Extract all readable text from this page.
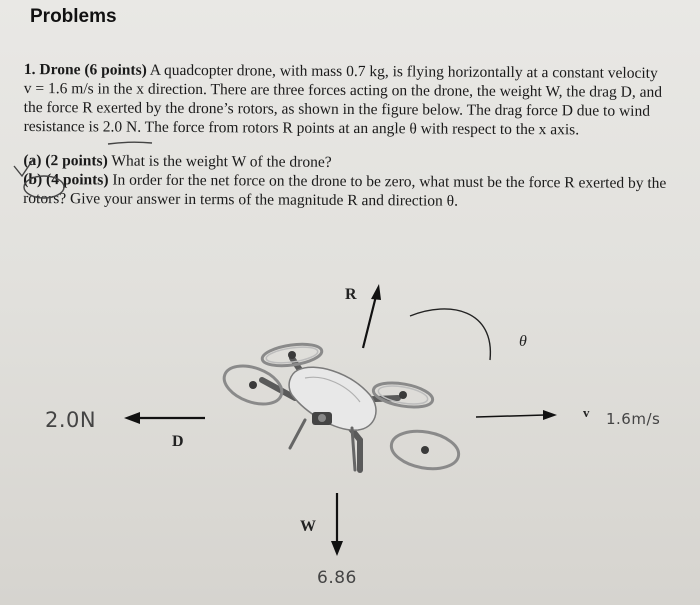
Problems

1. Drone (6 points) A quadcopter drone, with mass 0.7 kg, is flying horizontally at a constant velocity

v = 1.6 m/s in the x direction. There are three forces acting on the drone, the weight W, the drag D, and

the force R exerted by the drone’s rotors, as shown in the figure below. The drag force D due to wind

resistance is 2.0 N. The force from rotors R points at an angle θ with respect to the x axis.

(a) (2 points) What is the weight W of the drone?

(b) (4 points) In order for the net force on the drone to be zero, what must be the force R exerted by the

rotors? Give your answer in terms of the magnitude R and direction θ.

R
θ
D
v
W
2.0N	1.6m/s
6.86
